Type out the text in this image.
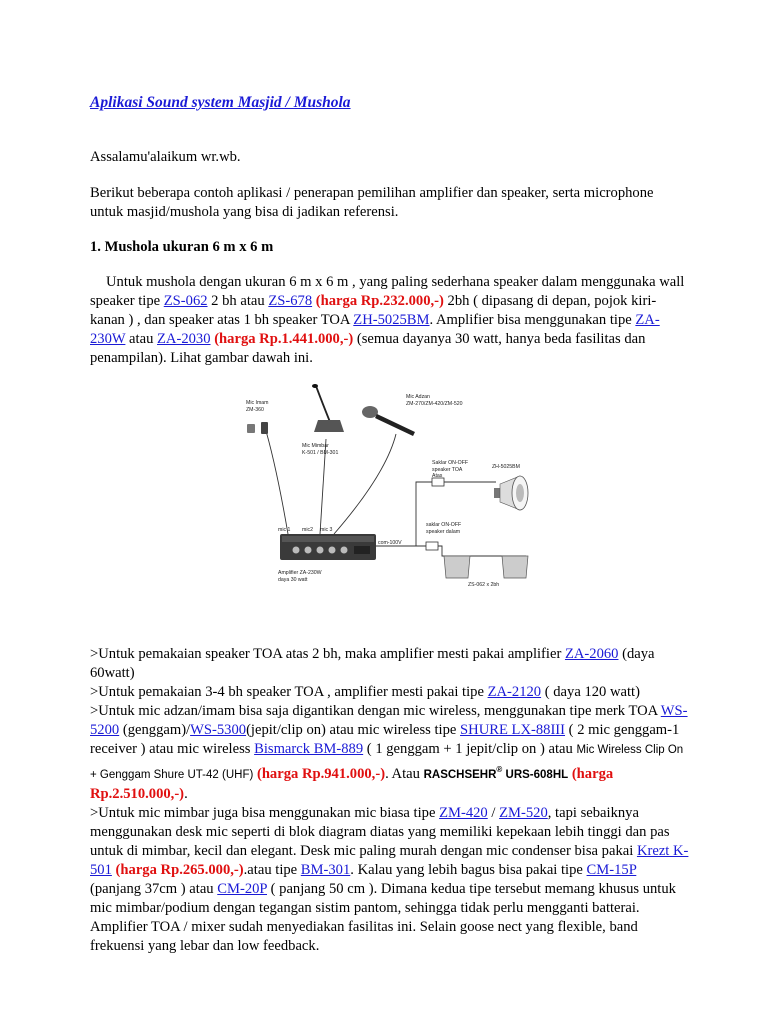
Aplikasi Sound system Masjid / Mushola

Assalamu'alaikum wr.wb.

Berikut beberapa contoh aplikasi / penerapan pemilihan amplifier dan speaker, serta microphone untuk masjid/mushola yang bisa di jadikan referensi.

1. Mushola ukuran 6 m x 6 m

Untuk mushola dengan ukuran 6 m x 6 m , yang paling sederhana speaker dalam menggunaka wall speaker tipe ZS-062 2 bh atau ZS-678 (harga Rp.232.000,-) 2bh ( dipasang di depan, pojok kiri-kanan ) , dan speaker atas 1 bh speaker TOA ZH-5025BM. Amplifier bisa menggunakan tipe ZA-230W atau ZA-2030 (harga Rp.1.441.000,-) (semua dayanya 30 watt, hanya beda fasilitas dan penampilan). Lihat gambar dawah ini.

Mic Imam
ZM-360
Mic Adzan
ZM-270/ZM-420/ZM-520
Mic Mimbar
K-501 / BM-301
Saklar ON-OFF
speaker TOA
Atas
ZH-5025BM
saklar ON-OFF
speaker dalam
mic 1 mic2 mic 3
com-100V
Amplifier ZA-230W
daya 30 watt
ZS-062 x 2bh

>Untuk pemakaian speaker TOA atas 2 bh, maka amplifier mesti pakai amplifier ZA-2060 (daya 60watt)
>Untuk pemakaian 3-4 bh speaker TOA , amplifier mesti pakai tipe ZA-2120 ( daya 120 watt)
>Untuk mic adzan/imam bisa saja digantikan dengan mic wireless, menggunakan tipe merk TOA WS-5200 (genggam)/WS-5300(jepit/clip on) atau mic wireless tipe SHURE LX-88III ( 2 mic genggam-1 receiver ) atau mic wireless Bismarck BM-889 ( 1 genggam + 1 jepit/clip on ) atau Mic Wireless Clip On + Genggam Shure UT-42 (UHF) (harga Rp.941.000,-). Atau RASCHSEHR® URS-608HL (harga Rp.2.510.000,-).
>Untuk mic mimbar juga bisa menggunakan mic biasa tipe ZM-420 / ZM-520, tapi sebaiknya menggunakan desk mic seperti di blok diagram diatas yang memiliki kepekaan lebih tinggi dan pas untuk di mimbar, kecil dan elegant. Desk mic paling murah dengan mic condenser bisa pakai Krezt K-501 (harga Rp.265.000,-).atau tipe BM-301. Kalau yang lebih bagus bisa pakai tipe CM-15P (panjang 37cm ) atau CM-20P ( panjang 50 cm ). Dimana kedua tipe tersebut memang khusus untuk mic mimbar/podium dengan tegangan sistim pantom, sehingga tidak perlu mengganti batterai. Amplifier TOA / mixer sudah menyediakan fasilitas ini. Selain goose nect yang flexible, band frekuensi yang lebar dan low feedback.
